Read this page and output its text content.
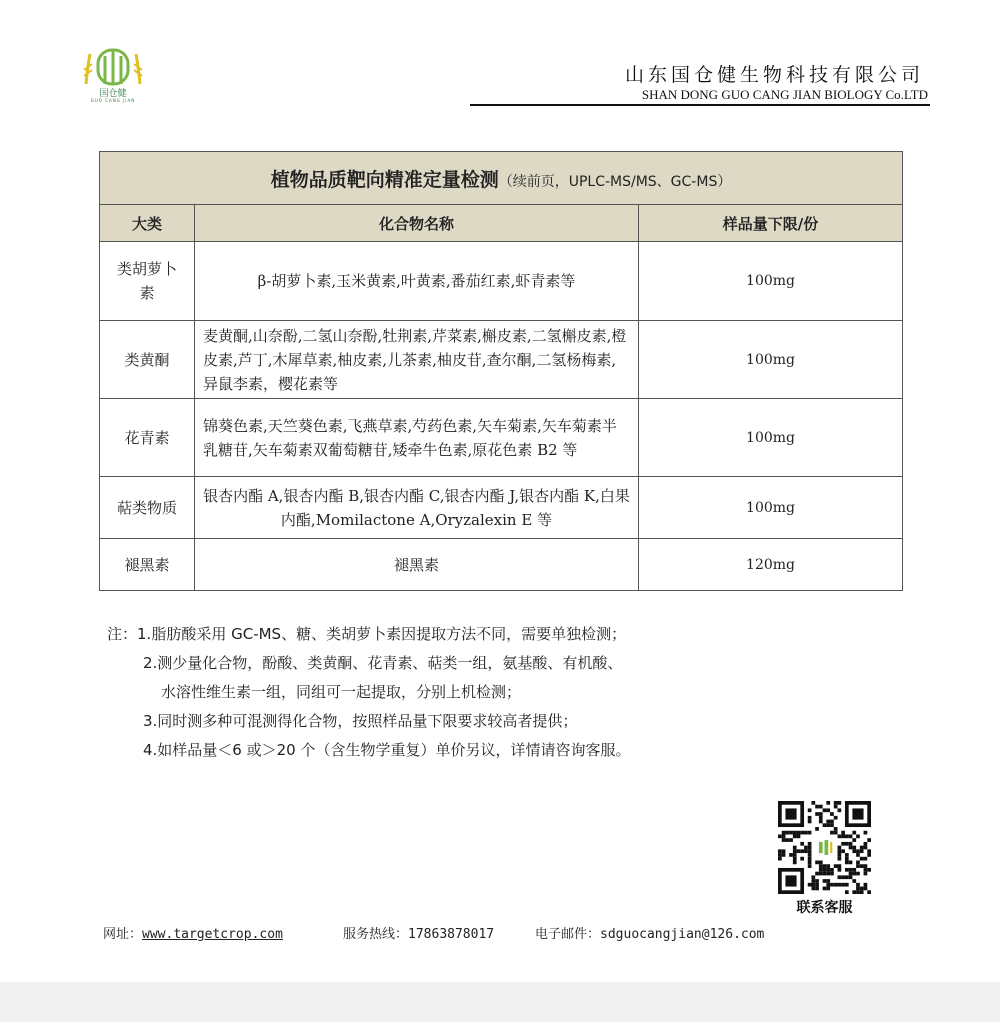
国仓健
GUO CANG JIAN
山东国仓健生物科技有限公司
SHAN DONG GUO CANG JIAN BIOLOGY Co.LTD
植物品质靶向精准定量检测（续前页，UPLC-MS/MS、GC-MS）		
大类	化合物名称	样品量下限/份
类胡萝卜素	β-胡萝卜素,玉米黄素,叶黄素,番茄红素,虾青素等	100mg
类黄酮	麦黄酮,山奈酚,二氢山奈酚,牡荆素,芹菜素,槲皮素,二氢槲皮素,橙皮素,芦丁,木犀草素,柚皮素,儿茶素,柚皮苷,查尔酮,二氢杨梅素,异鼠李素，樱花素等	100mg
花青素	锦葵色素,天竺葵色素,飞燕草素,芍药色素,矢车菊素,矢车菊素半乳糖苷,矢车菊素双葡萄糖苷,矮牵牛色素,原花色素 B2 等	100mg
萜类物质	银杏内酯 A,银杏内酯 B,银杏内酯 C,银杏内酯 J,银杏内酯 K,白果内酯,Momilactone A,Oryzalexin E 等	100mg
褪黑素	褪黑素	120mg
注：1.脂肪酸采用 GC-MS、糖、类胡萝卜素因提取方法不同，需要单独检测；
2.测少量化合物，酚酸、类黄酮、花青素、萜类一组，氨基酸、有机酸、
水溶性维生素一组，同组可一起提取，分别上机检测；
3.同时测多种可混测得化合物，按照样品量下限要求较高者提供；
4.如样品量＜6 或＞20 个（含生物学重复）单价另议，详情请咨询客服。
联系客服
网址：www.targetcrop.com	服务热线：17863878017	电子邮件：sdguocangjian@126.com
